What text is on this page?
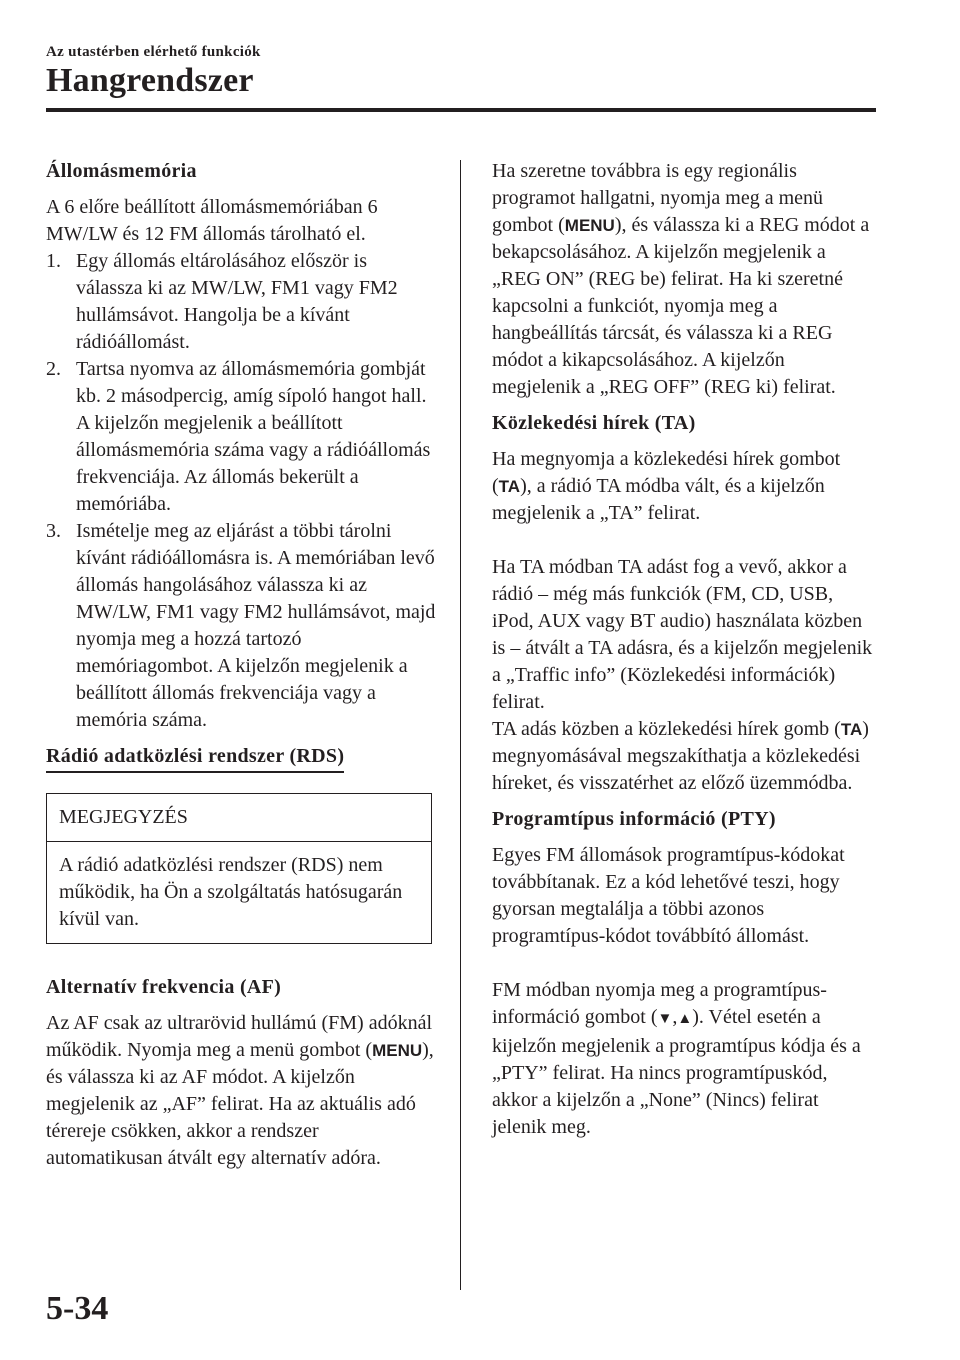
Az utastérben elérhető funkciók
Hangrendszer

Állomásmemória

A 6 előre beállított állomásmemóriában 6 MW/LW és 12 FM állomás tárolható el.

1. Egy állomás eltárolásához először is válassza ki az MW/LW, FM1 vagy FM2 hullámsávot. Hangolja be a kívánt rádióállomást.
2. Tartsa nyomva az állomásmemória gombját kb. 2 másodpercig, amíg sípoló hangot hall. A kijelzőn megjelenik a beállított állomásmemória száma vagy a rádióállomás frekvenciája. Az állomás bekerült a memóriába.
3. Ismételje meg az eljárást a többi tárolni kívánt rádióállomásra is. A memóriában levő állomás hangolásához válassza ki az MW/LW, FM1 vagy FM2 hullámsávot, majd nyomja meg a hozzá tartozó memóriagombot. A kijelzőn megjelenik a beállított állomás frekvenciája vagy a memória száma.
Rádió adatközlési rendszer (RDS)
MEGJEGYZÉS
A rádió adatközlési rendszer (RDS) nem működik, ha Ön a szolgáltatás hatósugarán kívül van.

Alternatív frekvencia (AF)

Az AF csak az ultrarövid hullámú (FM) adóknál működik. Nyomja meg a menü gombot (MENU), és válassza ki az AF módot. A kijelzőn megjelenik az „AF” felirat. Ha az aktuális adó térereje csökken, akkor a rendszer automatikusan átvált egy alternatív adóra.

Ha szeretne továbbra is egy regionális programot hallgatni, nyomja meg a menü gombot (MENU), és válassza ki a REG módot a bekapcsolásához. A kijelzőn megjelenik a „REG ON” (REG be) felirat. Ha ki szeretné kapcsolni a funkciót, nyomja meg a hangbeállítás tárcsát, és válassza ki a REG módot a kikapcsolásához. A kijelzőn megjelenik a „REG OFF” (REG ki) felirat.

Közlekedési hírek (TA)

Ha megnyomja a közlekedési hírek gombot (TA), a rádió TA módba vált, és a kijelzőn megjelenik a „TA” felirat.

Ha TA módban TA adást fog a vevő, akkor a rádió – még más funkciók (FM, CD, USB, iPod, AUX vagy BT audio) használata közben is – átvált a TA adásra, és a kijelzőn megjelenik a „Traffic info” (Közlekedési információk) felirat.

TA adás közben a közlekedési hírek gomb (TA) megnyomásával megszakíthatja a közlekedési híreket, és visszatérhet az előző üzemmódba.

Programtípus információ (PTY)

Egyes FM állomások programtípus-kódokat továbbítanak. Ez a kód lehetővé teszi, hogy gyorsan megtalálja a többi azonos programtípus-kódot továbbító állomást.

FM módban nyomja meg a programtípus-információ gombot (▼,▲). Vétel esetén a kijelzőn megjelenik a programtípus kódja és a „PTY” felirat. Ha nincs programtípuskód, akkor a kijelzőn a „None” (Nincs) felirat jelenik meg.

5-34
